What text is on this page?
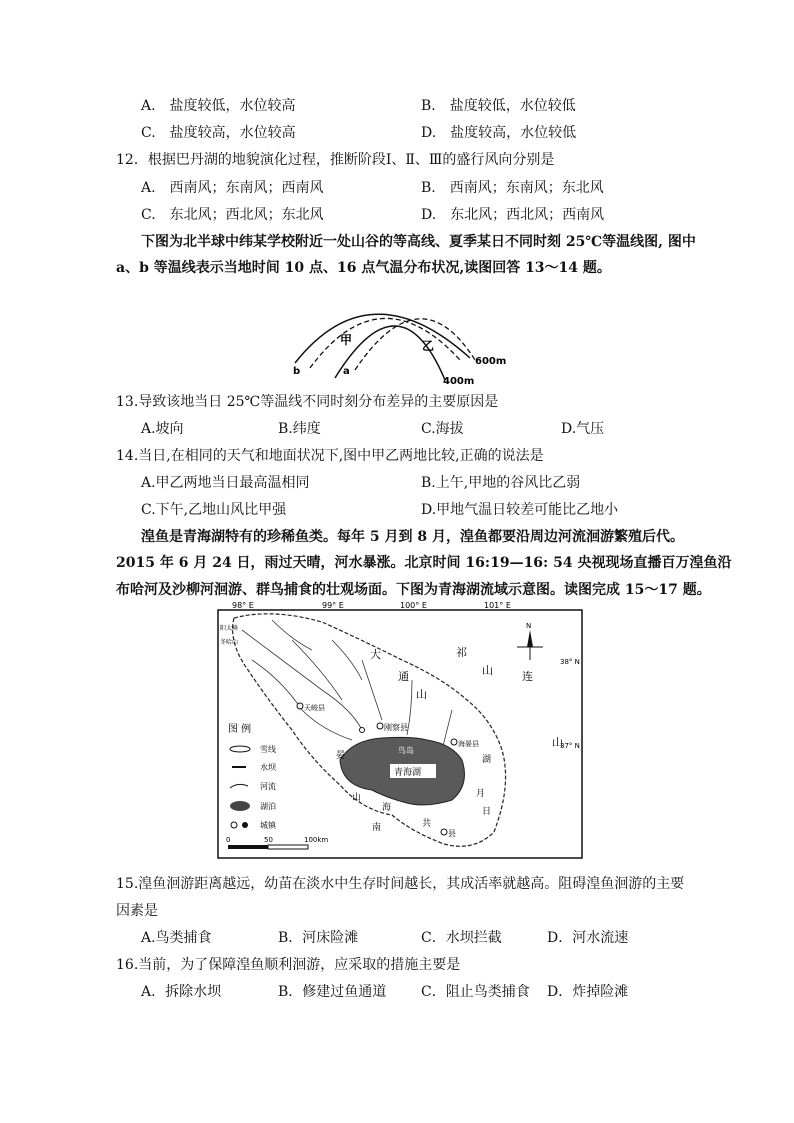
A.　盐度较低，水位较高	B.　盐度较低，水位较低
C.　盐度较高，水位较高	D.　盐度较高，水位较低
12．根据巴丹湖的地貌演化过程，推断阶段Ⅰ、Ⅱ、Ⅲ的盛行风向分别是
A.　西南风；东南风；西南风	B.　西南风；东南风；东北风
C.　东北风；西北风；东北风	D.　东北风；西北风；西南风
下图为北半球中纬某学校附近一处山谷的等高线、夏季某日不同时刻 25℃等温线图, 图中
a、b 等温线表示当地时间 10 点、16 点气温分布状况,读图回答 13～14 题。
甲	乙
b	a
600m
400m
13.导致该地当日 25℃等温线不同时刻分布差异的主要原因是
A.坡向	B.纬度	C.海拔	D.气压
14.当日,在相同的天气和地面状况下,图中甲乙两地比较,正确的说法是
A.甲乙两地当日最高温相同	B.上午,甲地的谷风比乙弱
C.下午,乙地山风比甲强	D.甲地气温日较差可能比乙地小
湟鱼是青海湖特有的珍稀鱼类。每年 5 月到 8 月，湟鱼都要沿周边河流洄游繁殖后代。
2015 年 6 月 24 日，雨过天晴，河水暴涨。北京时间 16:19—16: 54 央视现场直播百万湟鱼沿
布哈河及沙柳河洄游、群鸟捕食的壮观场面。下图为青海湖流域示意图。读图完成 15～17 题。
98° E	99° E	100° E	101° E
38° N
37° N
青海湖
鸟岛
刚察县
海晏县
天峻县
共
县
阳太峰
冬哈山
祁
连
山
大
通
山
日
月
山
南
山
海
湖
晏
N
图 例
雪线
水坝
河流
湖泊
城镇
0	50	100km
15.湟鱼洄游距离越远，幼苗在淡水中生存时间越长，其成活率就越高。阻碍湟鱼洄游的主要
因素是
A.鸟类捕食	B．河床险滩	C．水坝拦截	D．河水流速
16.当前，为了保障湟鱼顺利洄游，应采取的措施主要是
A．拆除水坝	B．修建过鱼通道 C．阻止鸟类捕食 D．炸掉险滩
